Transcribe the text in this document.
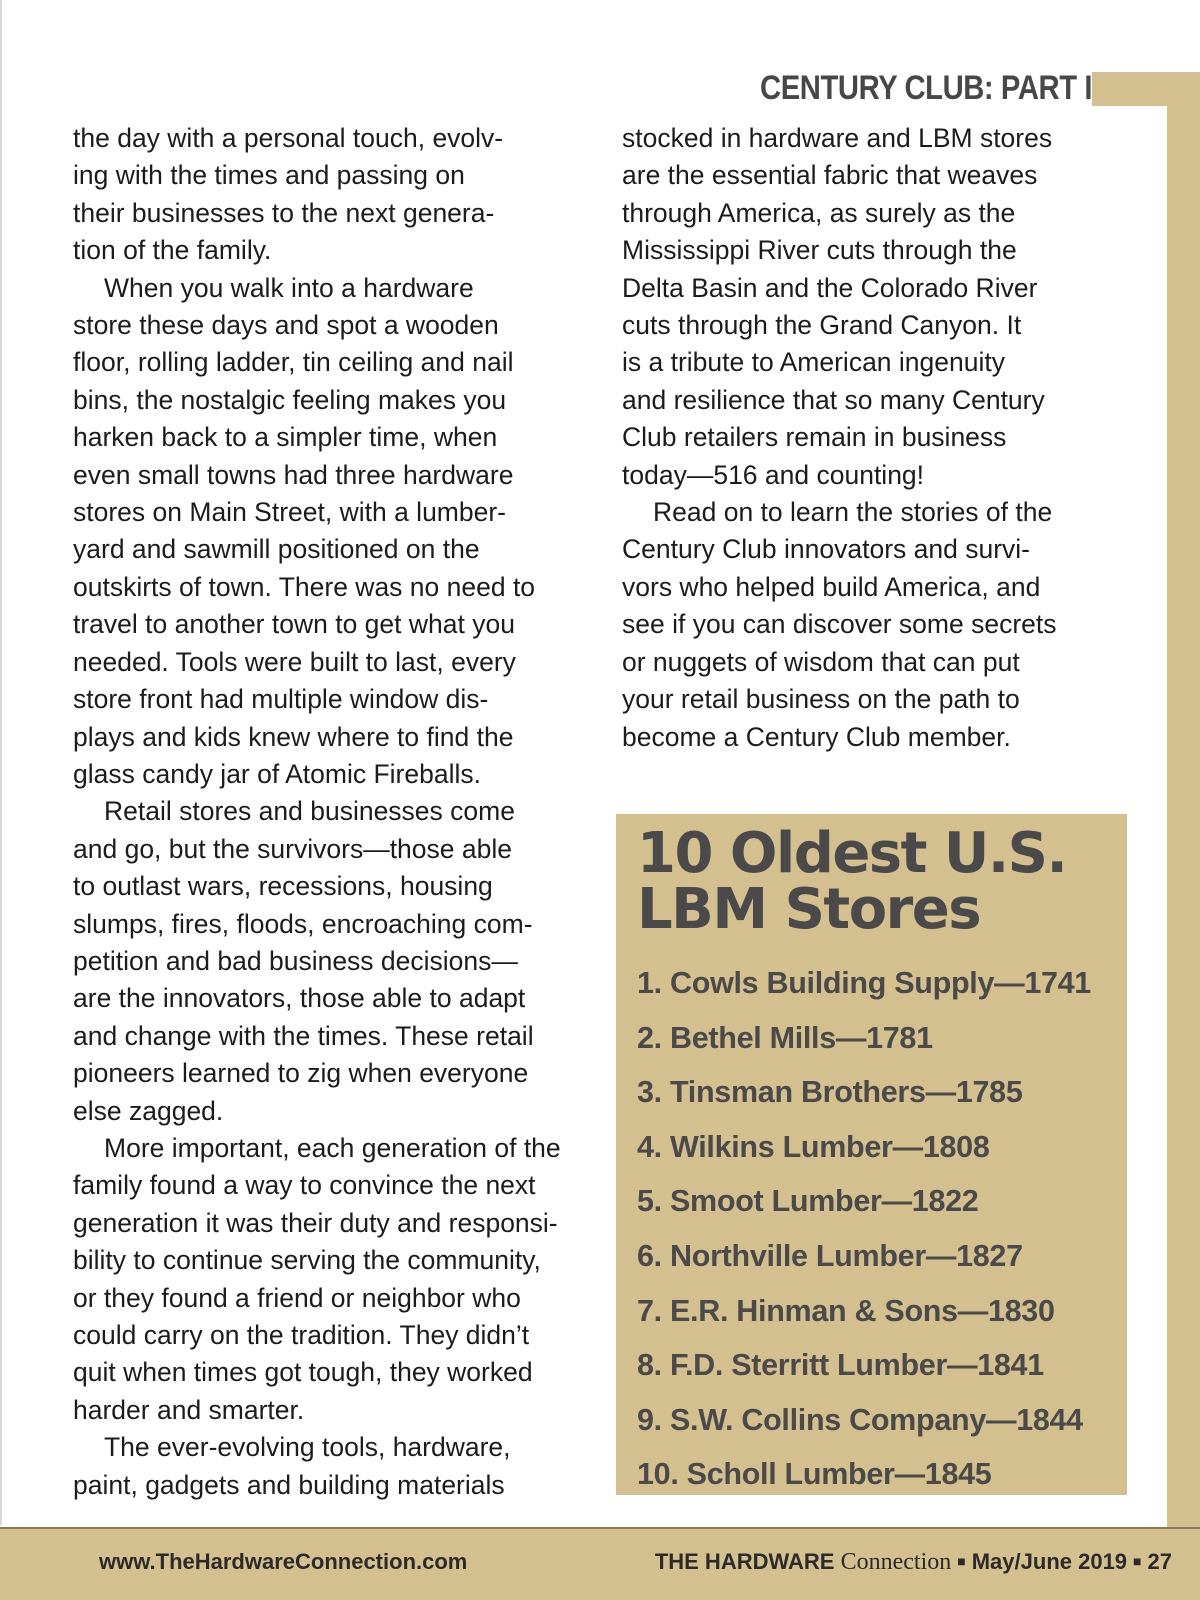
CENTURY CLUB: PART I

the day with a personal touch, evolv-
ing with the times and passing on
their businesses to the next genera-
tion of the family.

When you walk into a hardware
store these days and spot a wooden
floor, rolling ladder, tin ceiling and nail
bins, the nostalgic feeling makes you
harken back to a simpler time, when
even small towns had three hardware
stores on Main Street, with a lumber-
yard and sawmill positioned on the
outskirts of town. There was no need to
travel to another town to get what you
needed. Tools were built to last, every
store front had multiple window dis-
plays and kids knew where to find the
glass candy jar of Atomic Fireballs.

Retail stores and businesses come
and go, but the survivors—those able
to outlast wars, recessions, housing
slumps, fires, floods, encroaching com-
petition and bad business decisions—
are the innovators, those able to adapt
and change with the times. These retail
pioneers learned to zig when everyone
else zagged.

More important, each generation of the
family found a way to convince the next
generation it was their duty and responsi-
bility to continue serving the community,
or they found a friend or neighbor who
could carry on the tradition. They didn’t
quit when times got tough, they worked
harder and smarter.

The ever-evolving tools, hardware,
paint, gadgets and building materials

stocked in hardware and LBM stores
are the essential fabric that weaves
through America, as surely as the
Mississippi River cuts through the
Delta Basin and the Colorado River
cuts through the Grand Canyon. It
is a tribute to American ingenuity
and resilience that so many Century
Club retailers remain in business
today—516 and counting!

Read on to learn the stories of the
Century Club innovators and survi-
vors who helped build America, and
see if you can discover some secrets
or nuggets of wisdom that can put
your retail business on the path to
become a Century Club member.

10 Oldest U.S.
LBM Stores
1. Cowls Building Supply—1741
2. Bethel Mills—1781
3. Tinsman Brothers—1785
4. Wilkins Lumber—1808
5. Smoot Lumber—1822
6. Northville Lumber—1827
7. E.R. Hinman & Sons—1830
8. F.D. Sterritt Lumber—1841
9. S.W. Collins Company—1844
10. Scholl Lumber—1845
www.TheHardwareConnection.com	THE HARDWARE Connection ■ May/June 2019 ■ 27
